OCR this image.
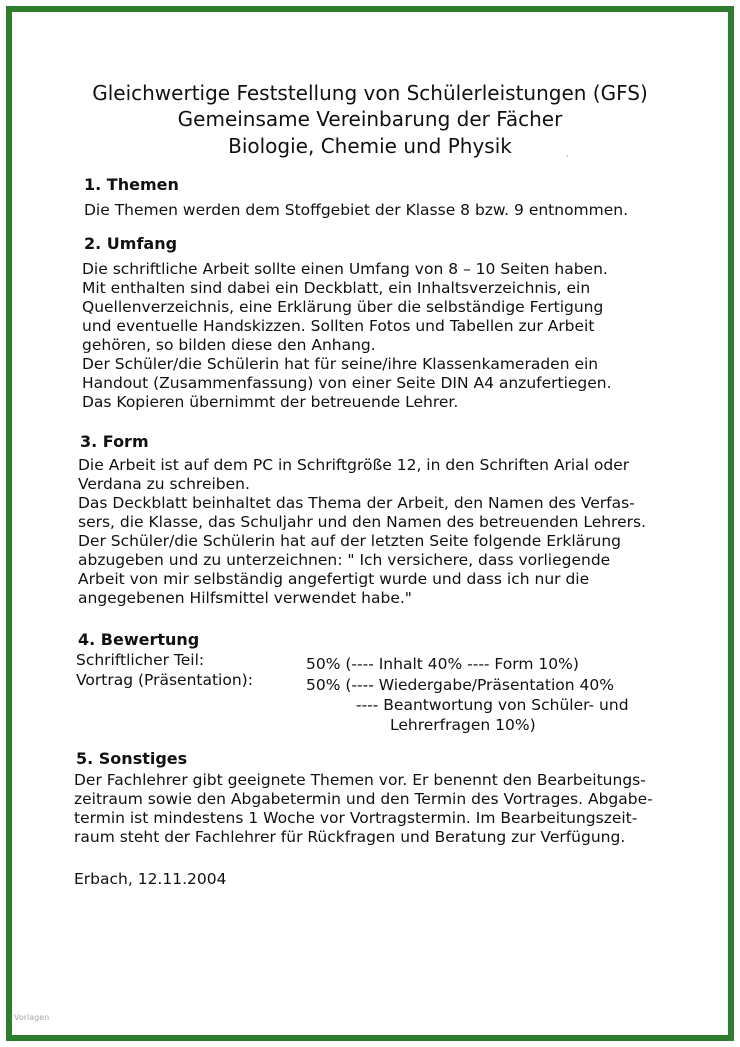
Gleichwertige Feststellung von Schülerleistungen (GFS)
Gemeinsame Vereinbarung der Fächer
Biologie, Chemie und Physik	·
1. Themen
Die Themen werden dem Stoffgebiet der Klasse 8 bzw. 9 entnommen.
2. Umfang
Die schriftliche Arbeit sollte einen Umfang von 8 – 10 Seiten haben.
Mit enthalten sind dabei ein Deckblatt, ein Inhaltsverzeichnis, ein
Quellenverzeichnis, eine Erklärung über die selbständige Fertigung
und eventuelle Handskizzen. Sollten Fotos und Tabellen zur Arbeit
gehören, so bilden diese den Anhang.
Der Schüler/die Schülerin hat für seine/ihre Klassenkameraden ein
Handout (Zusammenfassung) von einer Seite DIN A4 anzufertiegen.
Das Kopieren übernimmt der betreuende Lehrer.
3. Form
Die Arbeit ist auf dem PC in Schriftgröße 12, in den Schriften Arial oder
Verdana zu schreiben.
Das Deckblatt beinhaltet das Thema der Arbeit, den Namen des Verfas-
sers, die Klasse, das Schuljahr und den Namen des betreuenden Lehrers.
Der Schüler/die Schülerin hat auf der letzten Seite folgende Erklärung
abzugeben und zu unterzeichnen: " Ich versichere, dass vorliegende
Arbeit von mir selbständig angefertigt wurde und dass ich nur die
angegebenen Hilfsmittel verwendet habe."
4. Bewertung
Schriftlicher Teil:	50% (---- Inhalt 40% ---- Form 10%)
Vortrag (Präsentation):	50% (---- Wiedergabe/Präsentation 40%
---- Beantwortung von Schüler- und
Lehrerfragen 10%)
5. Sonstiges
Der Fachlehrer gibt geeignete Themen vor. Er benennt den Bearbeitungs-
zeitraum sowie den Abgabetermin und den Termin des Vortrages. Abgabe-
termin ist mindestens 1 Woche vor Vortragstermin. Im Bearbeitungszeit-
raum steht der Fachlehrer für Rückfragen und Beratung zur Verfügung.
Erbach, 12.11.2004
Vorlagen
